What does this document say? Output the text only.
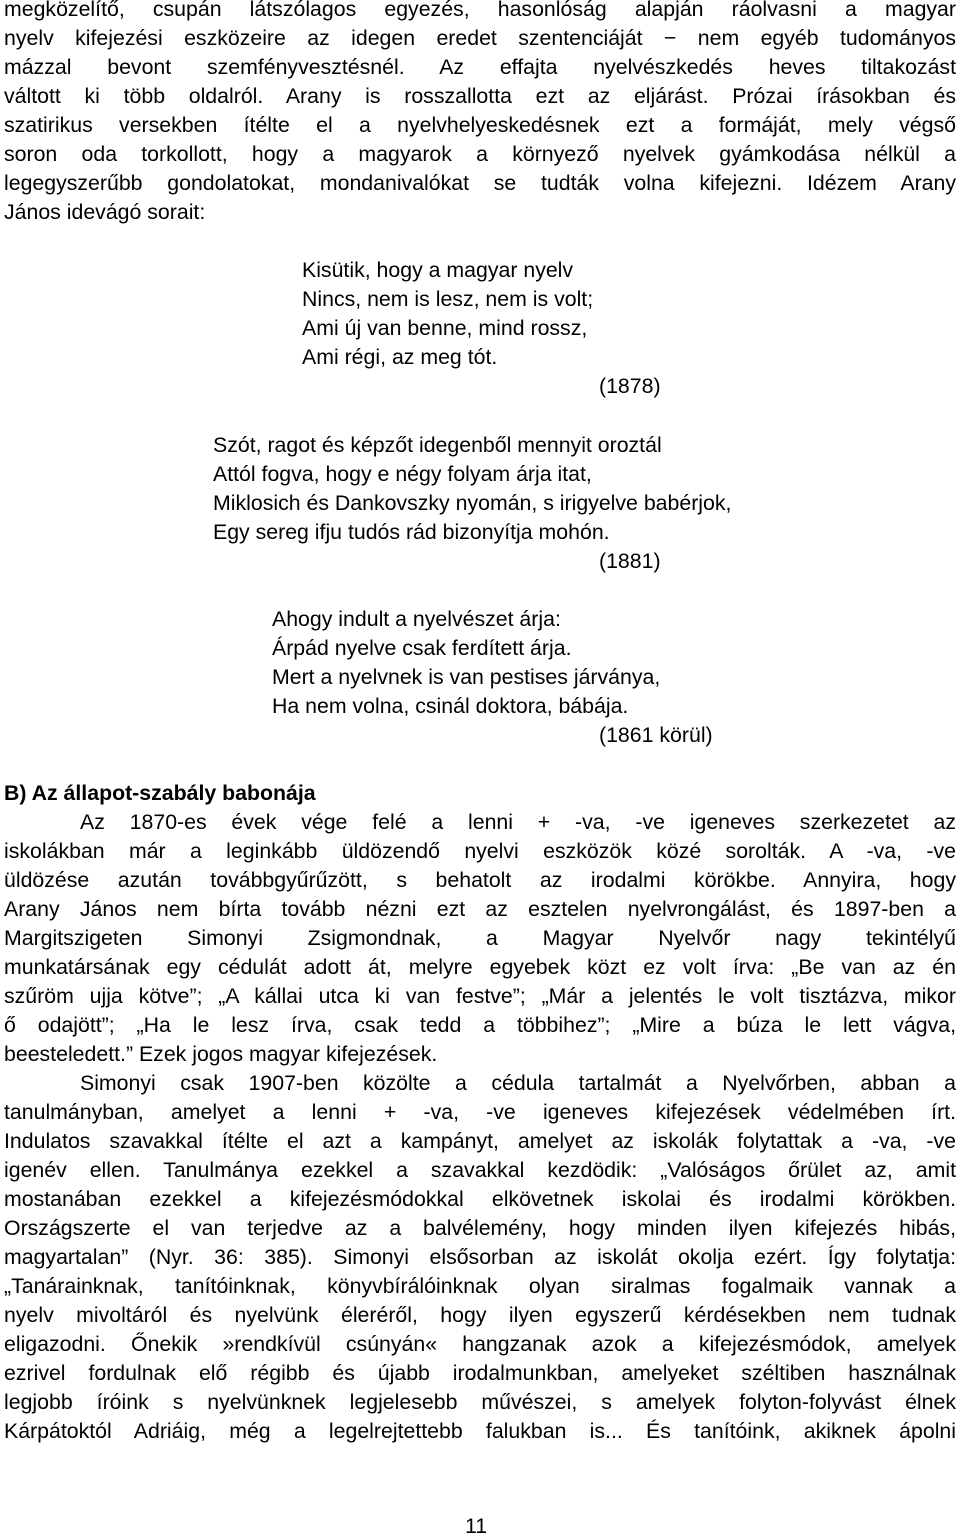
megközelítő, csupán látszólagos egyezés, hasonlóság alapján ráolvasni a magyar
nyelv kifejezési eszközeire az idegen eredet szentenciáját − nem egyéb tudományos
mázzal bevont szemfényvesztésnél. Az effajta nyelvészkedés heves tiltakozást
váltott ki több oldalról. Arany is rosszallotta ezt az eljárást. Prózai írásokban és
szatirikus versekben ítélte el a nyelvhelyeskedésnek ezt a formáját, mely végső
soron oda torkollott, hogy a magyarok a környező nyelvek gyámkodása nélkül a
legegyszerűbb gondolatokat, mondanivalókat se tudták volna kifejezni. Idézem Arany
János idevágó sorait:
Kisütik, hogy a magyar nyelv
Nincs, nem is lesz, nem is volt;
Ami új van benne, mind rossz,
Ami régi, az meg tót.
(1878)
Szót, ragot és képzőt idegenből mennyit oroztál
Attól fogva, hogy e négy folyam árja itat,
Miklosich és Dankovszky nyomán, s irigyelve babérjok,
Egy sereg ifju tudós rád bizonyítja mohón.
(1881)
Ahogy indult a nyelvészet árja:
Árpád nyelve csak ferdített árja.
Mert a nyelvnek is van pestises járványa,
Ha nem volna, csinál doktora, bábája.
(1861 körül)
B) Az állapot-szabály babonája
Az 1870-es évek vége felé a lenni + -va, -ve igeneves szerkezetet az
iskolákban már a leginkább üldözendő nyelvi eszközök közé sorolták. A -va, -ve
üldözése azután továbbgyűrűzött, s behatolt az irodalmi körökbe. Annyira, hogy
Arany János nem bírta tovább nézni ezt az esztelen nyelvrongálást, és 1897-ben a
Margitszigeten Simonyi Zsigmondnak, a Magyar Nyelvőr nagy tekintélyű
munkatársának egy cédulát adott át, melyre egyebek közt ez volt írva: „Be van az én
szűröm ujja kötve”; „A kállai utca ki van festve”; „Már a jelentés le volt tisztázva, mikor
ő odajött”; „Ha le lesz írva, csak tedd a többihez”; „Mire a búza le lett vágva,
beesteledett.” Ezek jogos magyar kifejezések.
Simonyi csak 1907-ben közölte a cédula tartalmát a Nyelvőrben, abban a
tanulmányban, amelyet a lenni + -va, -ve igeneves kifejezések védelmében írt.
Indulatos szavakkal ítélte el azt a kampányt, amelyet az iskolák folytattak a -va, -ve
igenév ellen. Tanulmánya ezekkel a szavakkal kezdödik: „Valóságos őrület az, amit
mostanában ezekkel a kifejezésmódokkal elkövetnek iskolai és irodalmi körökben.
Országszerte el van terjedve az a balvélemény, hogy minden ilyen kifejezés hibás,
magyartalan” (Nyr. 36: 385). Simonyi elsősorban az iskolát okolja ezért. Így folytatja:
„Tanárainknak, tanítóinknak, könyvbírálóinknak olyan siralmas fogalmaik vannak a
nyelv mivoltáról és nyelvünk éleréről, hogy ilyen egyszerű kérdésekben nem tudnak
eligazodni. Őnekik »rendkívül csúnyán« hangzanak azok a kifejezésmódok, amelyek
ezrivel fordulnak elő régibb és újabb irodalmunkban, amelyeket széltiben használnak
legjobb íróink s nyelvünknek legjelesebb művészei, s amelyek folyton-folyvást élnek
Kárpátoktól Adriáig, még a legelrejtettebb falukban is... És tanítóink, akiknek ápolni
11
